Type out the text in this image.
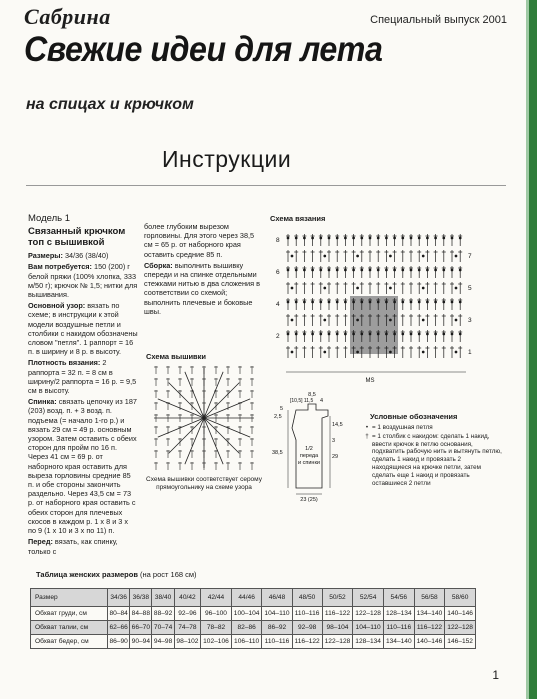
Сабрина	Специальный выпуск 2001
Свежие идеи для лета
на спицах и крючком
Инструкции
Модель 1
Связанный крючком топ с вышивкой

Размеры: 34/36 (38/40)

Вам потребуется: 150 (200) г белой пряжи (100% хлопка, 333 м/50 г); крючок № 1,5; нитки для вышивания.

Основной узор: вязать по схеме; в инструкции к этой модели воздушные петли и столбики с накидом обозначены словом "петля". 1 раппорт = 16 п. в ширину и 8 р. в высоту.

Плотность вязания: 2 раппорта = 32 п. = 8 см в ширину/2 раппорта = 16 р. = 9,5 см в высоту.

Спинка: связать цепочку из 187 (203) возд. п. + 3 возд. п. подъема (= начало 1-го р.) и вязать 29 см = 49 р. основным узором. Затем оставить с обеих сторон для пройм по 16 п. Через 41 см = 69 р. от наборного края оставить для выреза горловины средние 85 п. и обе стороны закончить раздельно. Через 43,5 см = 73 р. от наборного края оставить с обеих сторон для плечевых скосов в каждом р. 1 x 8 и 3 x по 9 (1 x 10 и 3 x по 11) п.

Перед: вязать, как спинку, только с

более глубоким вырезом горловины. Для этого через 38,5 см = 65 р. от наборного края оставить средние 85 п.

Сборка: выполнить вышивку спереди и на спинке отдельными стежками нитью в два сложения в соответствии со схемой; выполнить плечевые и боковые швы.

Схема вышивки
Схема вышивки соответствует серому прямоугольнику на схеме узора
Схема вязания
8
7
6
5
4
3
2
1
MS
8,5
4
[10,5] 11,5
5
2,5
14,5
3
38,5
29
1/2
переда
и спинки
23 (25)
Условные обозначения
• = 1 воздушная петля
† = 1 столбик с накидом: сделать 1 накид, ввести крючок в петлю основания, подхватить рабочую нить и вытянуть петлю, сделать 1 накид и провязать 2 находящиеся на крючке петли, затем сделать еще 1 накид и провязать оставшиеся 2 петли
Таблица женских размеров (на рост 168 см)
Размер	34/36	36/38	38/40	40/42	42/44	44/46	46/48	48/50	50/52	52/54	54/56	56/58	58/60
Обхват груди, см	80–84	84–88	88–92	92–96	96–100	100–104	104–110	110–116	116–122	122–128	128–134	134–140	140–146
Обхват талии, см	62–66	66–70	70–74	74–78	78–82	82–86	86–92	92–98	98–104	104–110	110–116	116–122	122–128
Обхват бедер, см	86–90	90–94	94–98	98–102	102–106	106–110	110–116	116–122	122–128	128–134	134–140	140–146	146–152
1
